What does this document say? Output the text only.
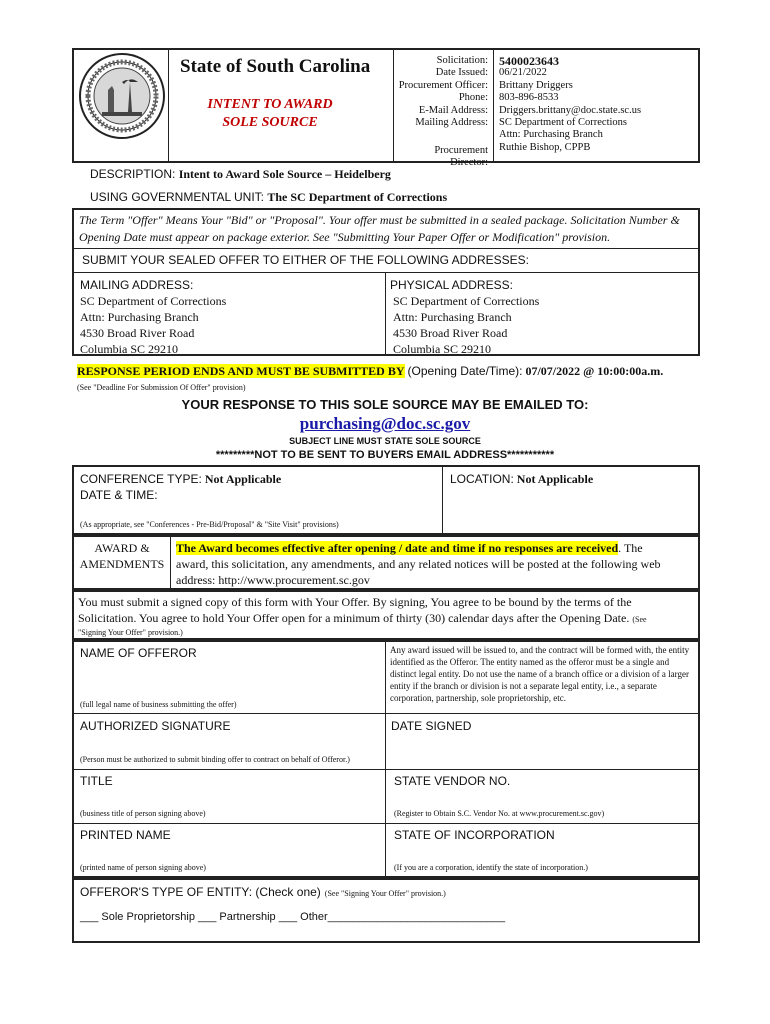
State of South Carolina
INTENT TO AWARD
SOLE SOURCE
Solicitation:
Date Issued:
Procurement Officer:
Phone:
E-Mail Address:
Mailing Address:
5400023643
06/21/2022
Brittany Driggers
803-896-8533
Driggers.brittany@doc.state.sc.us
SC Department of Corrections
Attn: Purchasing Branch
Ruthie Bishop, CPPB
Procurement Director:
DESCRIPTION: Intent to Award Sole Source – Heidelberg
USING GOVERNMENTAL UNIT: The SC Department of Corrections
The Term "Offer" Means Your "Bid" or "Proposal". Your offer must be submitted in a sealed package. Solicitation Number & Opening Date must appear on package exterior. See "Submitting Your Paper Offer or Modification" provision.
SUBMIT YOUR SEALED OFFER TO EITHER OF THE FOLLOWING ADDRESSES:
MAILING ADDRESS:
SC Department of Corrections
Attn: Purchasing Branch
4530 Broad River Road
Columbia SC 29210
PHYSICAL ADDRESS:
SC Department of Corrections
Attn: Purchasing Branch
4530 Broad River Road
Columbia SC 29210
RESPONSE PERIOD ENDS AND MUST BE SUBMITTED BY (Opening Date/Time): 07/07/2022 @ 10:00:00a.m.
(See "Deadline For Submission Of Offer" provision)
YOUR RESPONSE TO THIS SOLE SOURCE MAY BE EMAILED TO:
purchasing@doc.sc.gov
SUBJECT LINE MUST STATE SOLE SOURCE
*********NOT TO BE SENT TO BUYERS EMAIL ADDRESS***********
CONFERENCE TYPE: Not Applicable
DATE & TIME:
LOCATION: Not Applicable
(As appropriate, see "Conferences - Pre-Bid/Proposal" & "Site Visit" provisions)
AWARD &
AMENDMENTS
The Award becomes effective after opening / date and time if no responses are received. The
award, this solicitation, any amendments, and any related notices will be posted at the following web
address: http://www.procurement.sc.gov
You must submit a signed copy of this form with Your Offer. By signing, You agree to be bound by the terms of the
Solicitation. You agree to hold Your Offer open for a minimum of thirty (30) calendar days after the Opening Date. (See
"Signing Your Offer" provision.)
NAME OF OFFEROR
(full legal name of business submitting the offer)
Any award issued will be issued to, and the contract will be formed with, the entity identified as the Offeror. The entity named as the offeror must be a single and distinct legal entity. Do not use the name of a branch office or a division of a larger entity if the branch or division is not a separate legal entity, i.e., a separate corporation, partnership, sole proprietorship, etc.
AUTHORIZED SIGNATURE
(Person must be authorized to submit binding offer to contract on behalf of Offeror.)
DATE SIGNED
TITLE
(business title of person signing above)
STATE VENDOR NO.
(Register to Obtain S.C. Vendor No. at www.procurement.sc.gov)
PRINTED NAME
(printed name of person signing above)
STATE OF INCORPORATION
(If you are a corporation, identify the state of incorporation.)
OFFEROR'S TYPE OF ENTITY: (Check one) (See "Signing Your Offer" provision.)
___ Sole Proprietorship ___ Partnership ___ Other_____________________________
